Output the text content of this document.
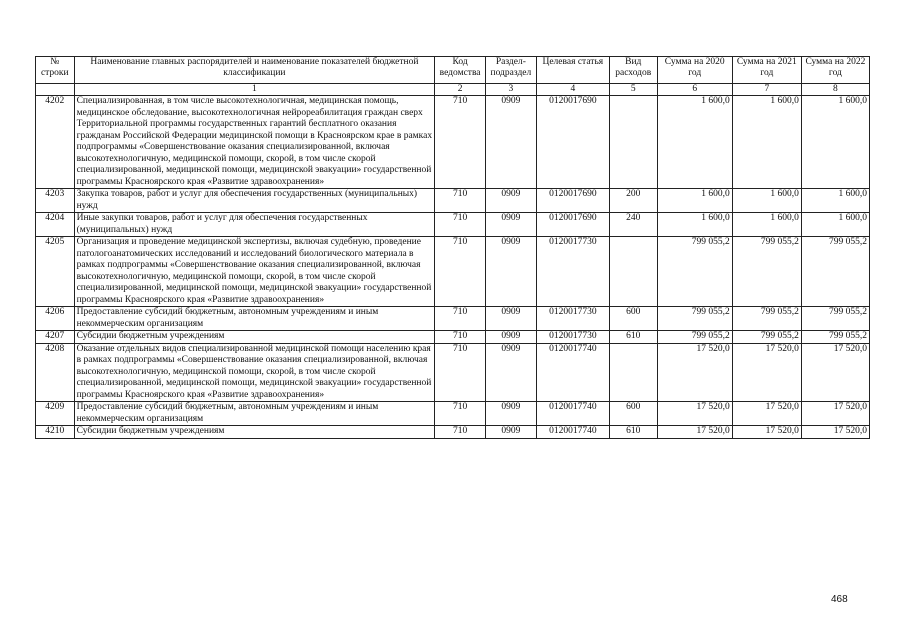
№ строки	Наименование главных распорядителей и наименование показателей бюджетной классификации	Код ведомства	Раздел-подраздел	Целевая статья	Вид расходов	Сумма на 2020 год	Сумма на 2021 год	Сумма на 2022 год
	1	2	3	4	5	6	7	8
4202	Специализированная, в том числе высокотехнологичная, медицинская помощь, медицинское обследование, высокотехнологичная нейрореабилитация граждан сверх Территориальной программы государственных гарантий бесплатного оказания гражданам Российской Федерации медицинской помощи в Красноярском крае в рамках подпрограммы «Совершенствование оказания специализированной, включая высокотехнологичную, медицинской помощи, скорой, в том числе скорой специализированной, медицинской помощи, медицинской эвакуации» государственной программы Красноярского края «Развитие здравоохранения»	710	0909	0120017690		1 600,0	1 600,0	1 600,0
4203	Закупка товаров, работ и услуг для обеспечения государственных (муниципальных) нужд	710	0909	0120017690	200	1 600,0	1 600,0	1 600,0
4204	Иные закупки товаров, работ и услуг для обеспечения государственных (муниципальных) нужд	710	0909	0120017690	240	1 600,0	1 600,0	1 600,0
4205	Организация и проведение медицинской экспертизы, включая судебную, проведение патологоанатомических исследований и исследований биологического материала в рамках подпрограммы «Совершенствование оказания специализированной, включая высокотехнологичную, медицинской помощи, скорой, в том числе скорой специализированной, медицинской помощи, медицинской эвакуации» государственной программы Красноярского края «Развитие здравоохранения»	710	0909	0120017730		799 055,2	799 055,2	799 055,2
4206	Предоставление субсидий бюджетным, автономным учреждениям и иным некоммерческим организациям	710	0909	0120017730	600	799 055,2	799 055,2	799 055,2
4207	Субсидии бюджетным учреждениям	710	0909	0120017730	610	799 055,2	799 055,2	799 055,2
4208	Оказание отдельных видов специализированной медицинской помощи населению края в рамках подпрограммы «Совершенствование оказания специализированной, включая высокотехнологичную, медицинской помощи, скорой, в том числе скорой специализированной, медицинской помощи, медицинской эвакуации» государственной программы Красноярского края «Развитие здравоохранения»	710	0909	0120017740		17 520,0	17 520,0	17 520,0
4209	Предоставление субсидий бюджетным, автономным учреждениям и иным некоммерческим организациям	710	0909	0120017740	600	17 520,0	17 520,0	17 520,0
4210	Субсидии бюджетным учреждениям	710	0909	0120017740	610	17 520,0	17 520,0	17 520,0
468
